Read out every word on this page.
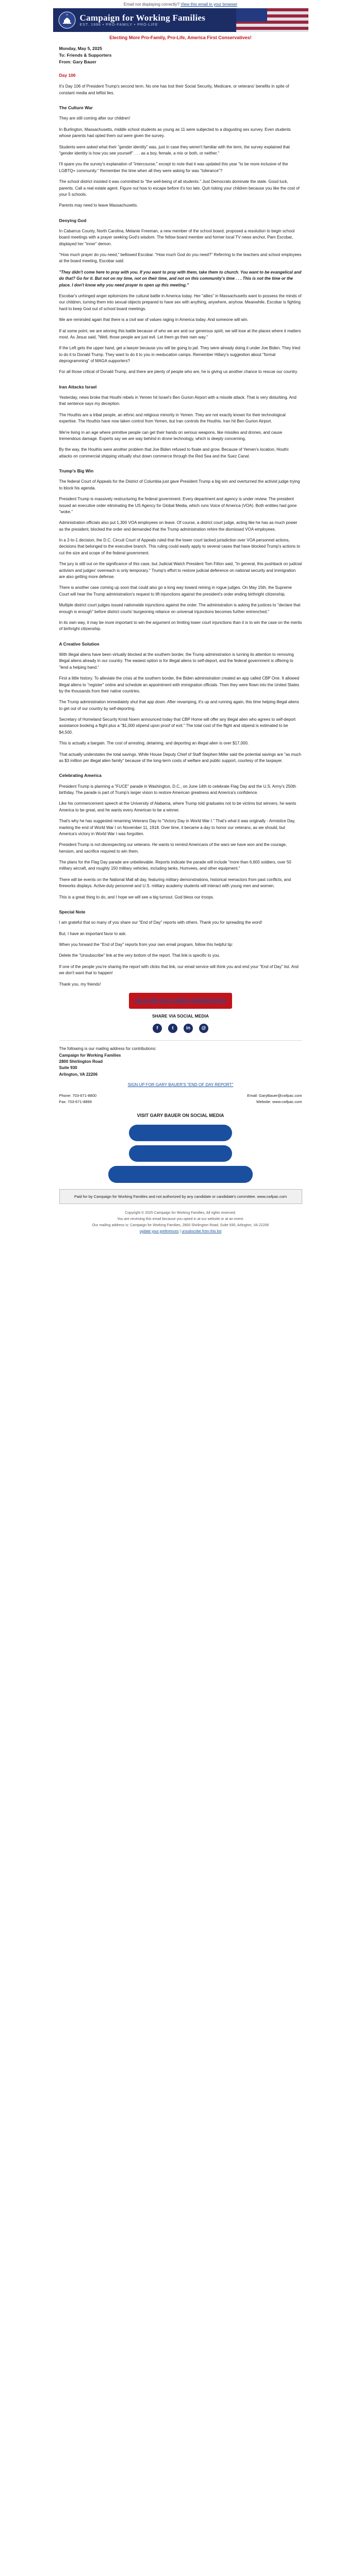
Email not displaying correctly? View this email in your browser
Campaign for Working Families
EST. 1996 • PRO-FAMILY • PRO-LIFE
Electing More Pro-Family, Pro-Life, America First Conservatives!
Monday, May 5, 2025
To: Friends & Supporters
From: Gary Bauer
Day 106

It's Day 106 of President Trump's second term. No one has lost their Social Security, Medicare, or veterans' benefits in spite of constant media and leftist lies.

The Culture War

They are still coming after our children!

In Burlington, Massachusetts, middle school students as young as 11 were subjected to a disgusting sex survey. Even students whose parents had opted them out were given the survey.

Students were asked what their "gender identity" was, just in case they weren't familiar with the term, the survey explained that "gender identity is how you see yourself" . . . as a boy, female, a mix or both, or neither."

I'll spare you the survey's explanation of "intercourse," except to note that it was updated this year "to be more inclusive of the LGBTQ+ community." Remember the time when all they were asking for was "tolerance"?

The school district insisted it was committed to "the well-being of all students." Just Democrats dominate the state. Good luck, parents. Call a real estate agent. Figure out how to escape before it's too late. Quit risking your children because you like the cost of your 5 schools.

Parents may need to leave Massachusetts.

Denying God

In Cabarrus County, North Carolina, Melanie Freeman, a new member of the school board, proposed a resolution to begin school board meetings with a prayer seeking God's wisdom. The fellow board member and former local TV news anchor, Pam Escobar, displayed her "inner" demon.

"How much prayer do you need," bellowed Escobar. "How much God do you need?" Referring to the teachers and school employees at the board meeting, Escobar said:

"They didn't come here to pray with you. If you want to pray with them, take them to church. You want to be evangelical and do that? Go for it. But not on my time, not on their time, and not on this community's time . . . This is not the time or the place. I don't know why you need prayer to open up this meeting."

Escobar's unhinged anger epitomizes the cultural battle in America today. Her "allies" in Massachusetts want to possess the minds of our children, turning them into sexual objects prepared to have sex with anything, anywhere, anyhow. Meanwhile, Escobar is fighting hard to keep God out of school board meetings.

We are reminded again that there is a civil war of values raging in America today. And someone will win.

If at some point, we are winning this battle because of who we are and our generous spirit, we will lose at the places where it matters most. As Jesus said, "Well, those people are just evil. Let them go their own way."

If the Left gets the upper hand, get a lawyer because you will be going to jail. They were already doing it under Joe Biden. They tried to do it to Donald Trump. They want to do it to you in reeducation camps. Remember Hillary's suggestion about "formal deprogramming" of MAGA supporters?

For all those critical of Donald Trump, and there are plenty of people who are, he is giving us another chance to rescue our country.

Iran Attacks Israel

Yesterday, news broke that Houthi rebels in Yemen hit Israel's Ben Gurion Airport with a missile attack. That is very disturbing. And that sentence says my deception.

The Houthis are a tribal people, an ethnic and religious minority in Yemen. They are not exactly known for their technological expertise. The Houthis have now taken control from Yemen, but Iran controls the Houthis. Iran hit Ben Gurion Airport.

We're living in an age where primitive people can get their hands on serious weapons, like missiles and drones, and cause tremendous damage. Experts say we are way behind in drone technology, which is deeply concerning.

By the way, the Houthis were another problem that Joe Biden refused to fixate and grow. Because of Yemen's location, Houthi attacks on commercial shipping virtually shut down commerce through the Red Sea and the Suez Canal.

Trump's Big Win

The federal Court of Appeals for the District of Columbia just gave President Trump a big win and overturned the activist judge trying to block his agenda.

President Trump is massively restructuring the federal government. Every department and agency is under review. The president issued an executive order eliminating the US Agency for Global Media, which runs Voice of America (VOA). Both entities had gone "woke."

Administration officials also put 1,300 VOA employees on leave. Of course, a district court judge, acting like he has as much power as the president, blocked the order and demanded that the Trump administration rehire the dismissed VOA employees.

In a 2-to-1 decision, the D.C. Circuit Court of Appeals ruled that the lower court lacked jurisdiction over VOA personnel actions, decisions that belonged to the executive branch. This ruling could easily apply to several cases that have blocked Trump's actions to cut the size and scope of the federal government.

The jury is still out on the significance of this case, but Judicial Watch President Tom Fitton said, "In general, this pushback on judicial activism and judges' overreach is only temporary." Trump's effort to restore judicial deference on national security and immigration are also getting more defense.

There is another case coming up soon that could also go a long way toward reining in rogue judges. On May 15th, the Supreme Court will hear the Trump administration's request to lift injunctions against the president's order ending birthright citizenship.

Multiple district court judges issued nationwide injunctions against the order. The administration is asking the justices to "declare that enough is enough" before district courts' burgeoning reliance on universal injunctions becomes further entrenched."

In its own way, it may be more important to win the argument on limiting lower court injunctions than it is to win the case on the merits of birthright citizenship.

A Creative Solution

With illegal aliens have been virtually blocked at the southern border, the Trump administration is turning its attention to removing illegal aliens already in our country. The easiest option is for illegal aliens to self-deport, and the federal government is offering to "lend a helping hand."

First a little history. To alleviate the crisis at the southern border, the Biden administration created an app called CBP One. It allowed illegal aliens to "register" online and schedule an appointment with immigration officials. Then they were flown into the United States by the thousands from their native countries.

The Trump administration immediately shut that app down. After revamping, it's up and running again, this time helping illegal aliens to get out of our country by self-deporting.

Secretary of Homeland Security Kristi Noem announced today that CBP Home will offer any illegal alien who agrees to self-deport assistance booking a flight plus a "$1,000 stipend upon proof of exit." The total cost of the flight and stipend is estimated to be $4,500.

This is actually a bargain. The cost of arresting, detaining, and deporting an illegal alien is over $17,000.

That actually understates the total savings. While House Deputy Chief of Staff Stephen Miller said the potential savings are "as much as $3 million per illegal alien family" because of the long-term costs of welfare and public support, courtesy of the taxpayer.

Celebrating America

President Trump is planning a "FUCE" parade in Washington, D.C., on June 14th to celebrate Flag Day and the U.S. Army's 250th birthday. The parade is part of Trump's larger vision to restore American greatness and America's confidence.

Like his commencement speech at the University of Alabama, where Trump told graduates not to be victims but winners, he wants America to be great, and he wants every American to be a winner.

That's why he has suggested renaming Veterans Day to "Victory Day in World War I." That's what it was originally - Armistice Day, marking the end of World War I on November 11, 1918. Over time, it became a day to honor our veterans, as we should, but America's victory in World War I was forgotten.

President Trump is not disrespecting our veterans. He wants to remind Americans of the wars we have won and the courage, heroism, and sacrifice required to win them.

The plans for the Flag Day parade are unbelievable. Reports indicate the parade will include "more than 6,600 soldiers, over 50 military aircraft, and roughly 150 military vehicles, including tanks, Humvees, and other equipment."

There will be events on the National Mall all day, featuring military demonstrations, historical reenactors from past conflicts, and fireworks displays. Active-duty personnel and U.S. military academy students will interact with young men and women.

This is a great thing to do, and I hope we will see a big turnout. God bless our troops.

Special Note

I am grateful that so many of you share our "End of Day" reports with others. Thank you for spreading the word!

But, I have an important favor to ask.

When you forward the "End of Day" reports from your own email program, follow this helpful tip:

Delete the "Unsubscribe" link at the very bottom of the report. That link is specific to you.

If one of the people you're sharing the report with clicks that link, our email service will think you and end your "End of Day" list. And we don't want that to happen!

Thank you, my friends!

HELP CWF ELECT MORE CONSERVATIVES
SHARE VIA SOCIAL MEDIA
f	t	in	@
The following is our mailing address for contributions:
Campaign for Working Families
2800 Shirlington Road
Suite 930
Arlington, VA 22206
SIGN UP FOR GARY BAUER'S "END OF DAY REPORT"
Phone: 703-671-8800
Fax: 703-671-8899
Email: GaryBauer@cwfpac.com
Website: www.cwfpac.com
VISIT GARY BAUER ON SOCIAL MEDIA
Follow Gary On Truth Social
Listen to the Bauer & Rowe Podcast
Listen to Gary's Defending Faith, Family, & Freedom podcasts
Paid for by Campaign for Working Families and not authorized by any candidate or candidate's committee. www.cwfpac.com
Copyright © 2025 Campaign for Working Families, All rights reserved.
You are receiving this email because you opted in at our website or at an event.
Our mailing address is: Campaign for Working Families, 2800 Shirlington Road, Suite 930, Arlington, VA 22206
update your preferences | unsubscribe from this list
